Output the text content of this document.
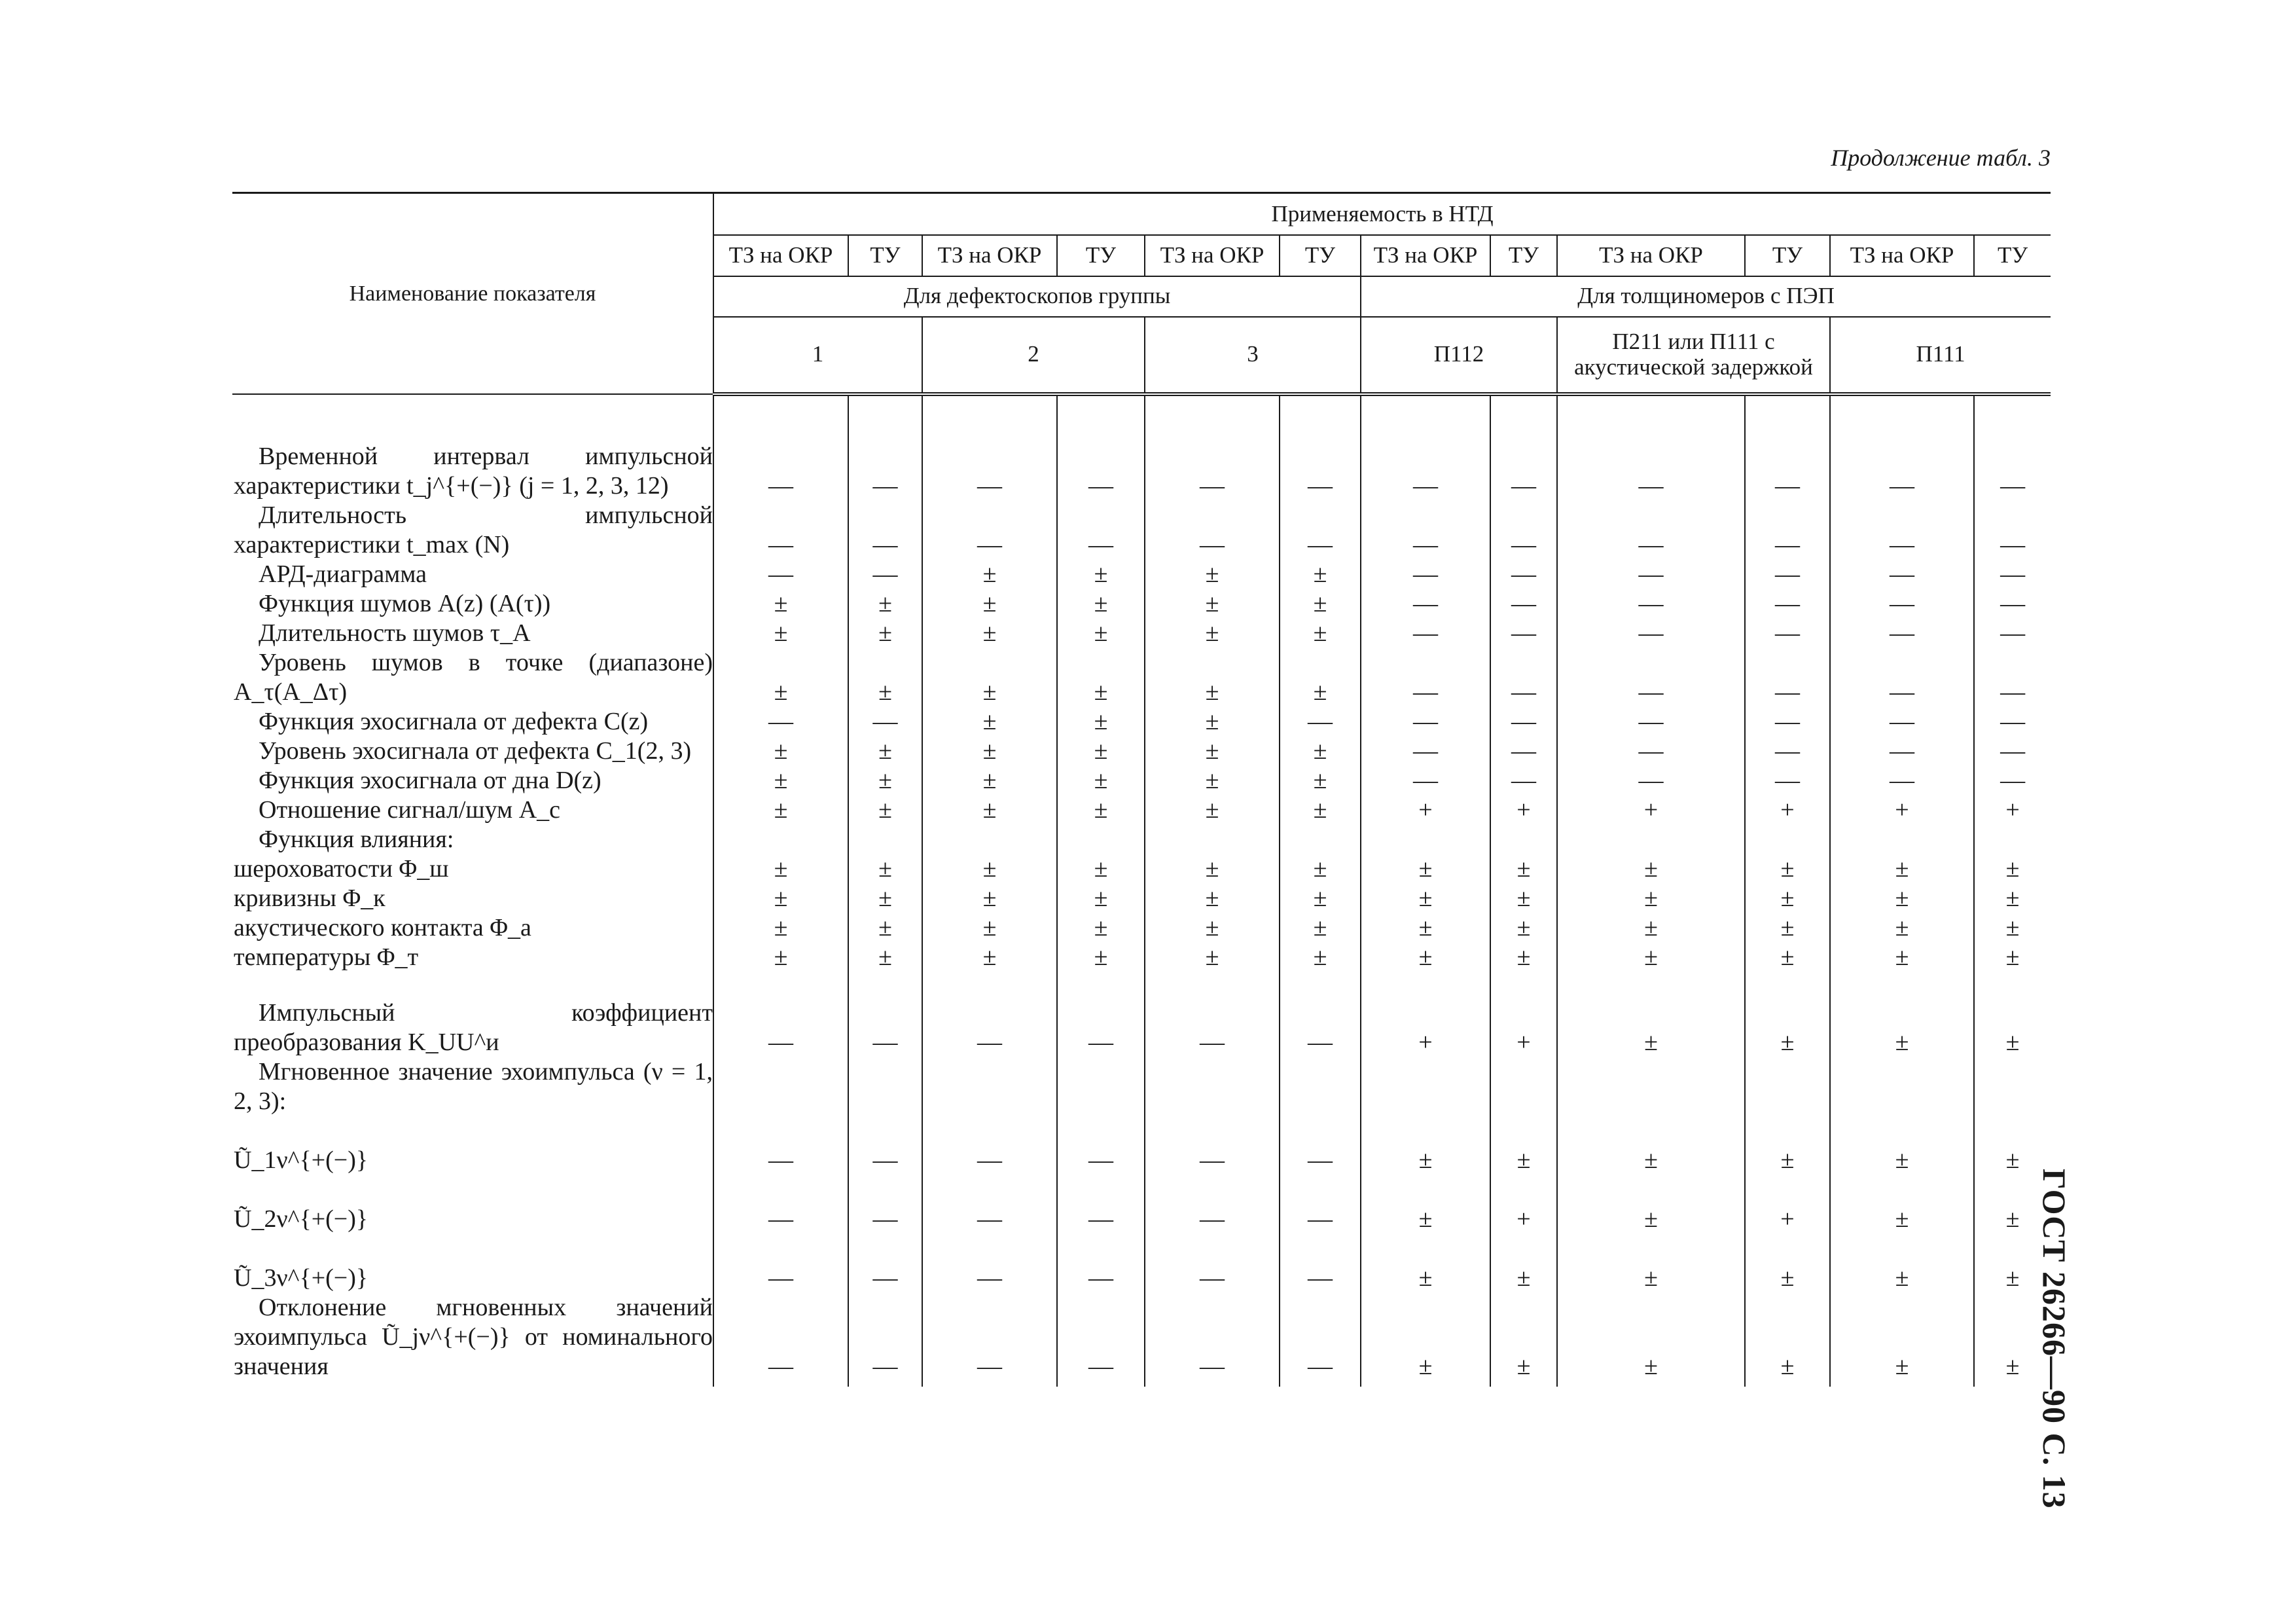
Продолжение табл. 3
ГОСТ 26266—90 С. 13
Наименование показателя	Применяемость в НТД											
	ТЗ на ОКР	ТУ	ТЗ на ОКР	ТУ	ТЗ на ОКР	ТУ	ТЗ на ОКР	ТУ	ТЗ на ОКР	ТУ	ТЗ на ОКР	ТУ
	Для дефектоскопов группы						Для толщиномеров с ПЭП					
	1		2		3		П112		П211 или П111 с акустической задержкой		П111	
Временной интервал импульсной характеристики t_j^{+(−)} (j = 1, 2, 3, 12)	—	—	—	—	—	—	—	—	—	—	—	—
Длительность импульсной характеристики t_max (N)	—	—	—	—	—	—	—	—	—	—	—	—
АРД-диаграмма	—	—	±	±	±	±	—	—	—	—	—	—
Функция шумов A(z) (A(τ))	±	±	±	±	±	±	—	—	—	—	—	—
Длительность шумов τ_A	±	±	±	±	±	±	—	—	—	—	—	—
Уровень шумов в точке (диапазоне) A_τ(A_Δτ)	±	±	±	±	±	±	—	—	—	—	—	—
Функция эхосигнала от дефекта C(z)	—	—	±	±	±	—	—	—	—	—	—	—
Уровень эхосигнала от дефекта C_1(2, 3)	±	±	±	±	±	±	—	—	—	—	—	—
Функция эхосигнала от дна D(z)	±	±	±	±	±	±	—	—	—	—	—	—
Отношение сигнал/шум A_c	±	±	±	±	±	±	+	+	+	+	+	+
Функция влияния:												
шероховатости Φ_ш	±	±	±	±	±	±	±	±	±	±	±	±
кривизны Φ_к	±	±	±	±	±	±	±	±	±	±	±	±
акустического контакта Φ_a	±	±	±	±	±	±	±	±	±	±	±	±
температуры Φ_т	±	±	±	±	±	±	±	±	±	±	±	±
Импульсный коэффициент преобразования K_UU^и	—	—	—	—	—	—	+	+	±	±	±	±
Мгновенное значение эхоимпульса (ν = 1, 2, 3):												
Ũ_1ν^{+(−)}	—	—	—	—	—	—	±	±	±	±	±	±
Ũ_2ν^{+(−)}	—	—	—	—	—	—	±	+	±	+	±	±
Ũ_3ν^{+(−)}	—	—	—	—	—	—	±	±	±	±	±	±
Отклонение мгновенных значений эхоимпульса Ũ_jν^{+(−)} от номинального значения	—	—	—	—	—	—	±	±	±	±	±	±
